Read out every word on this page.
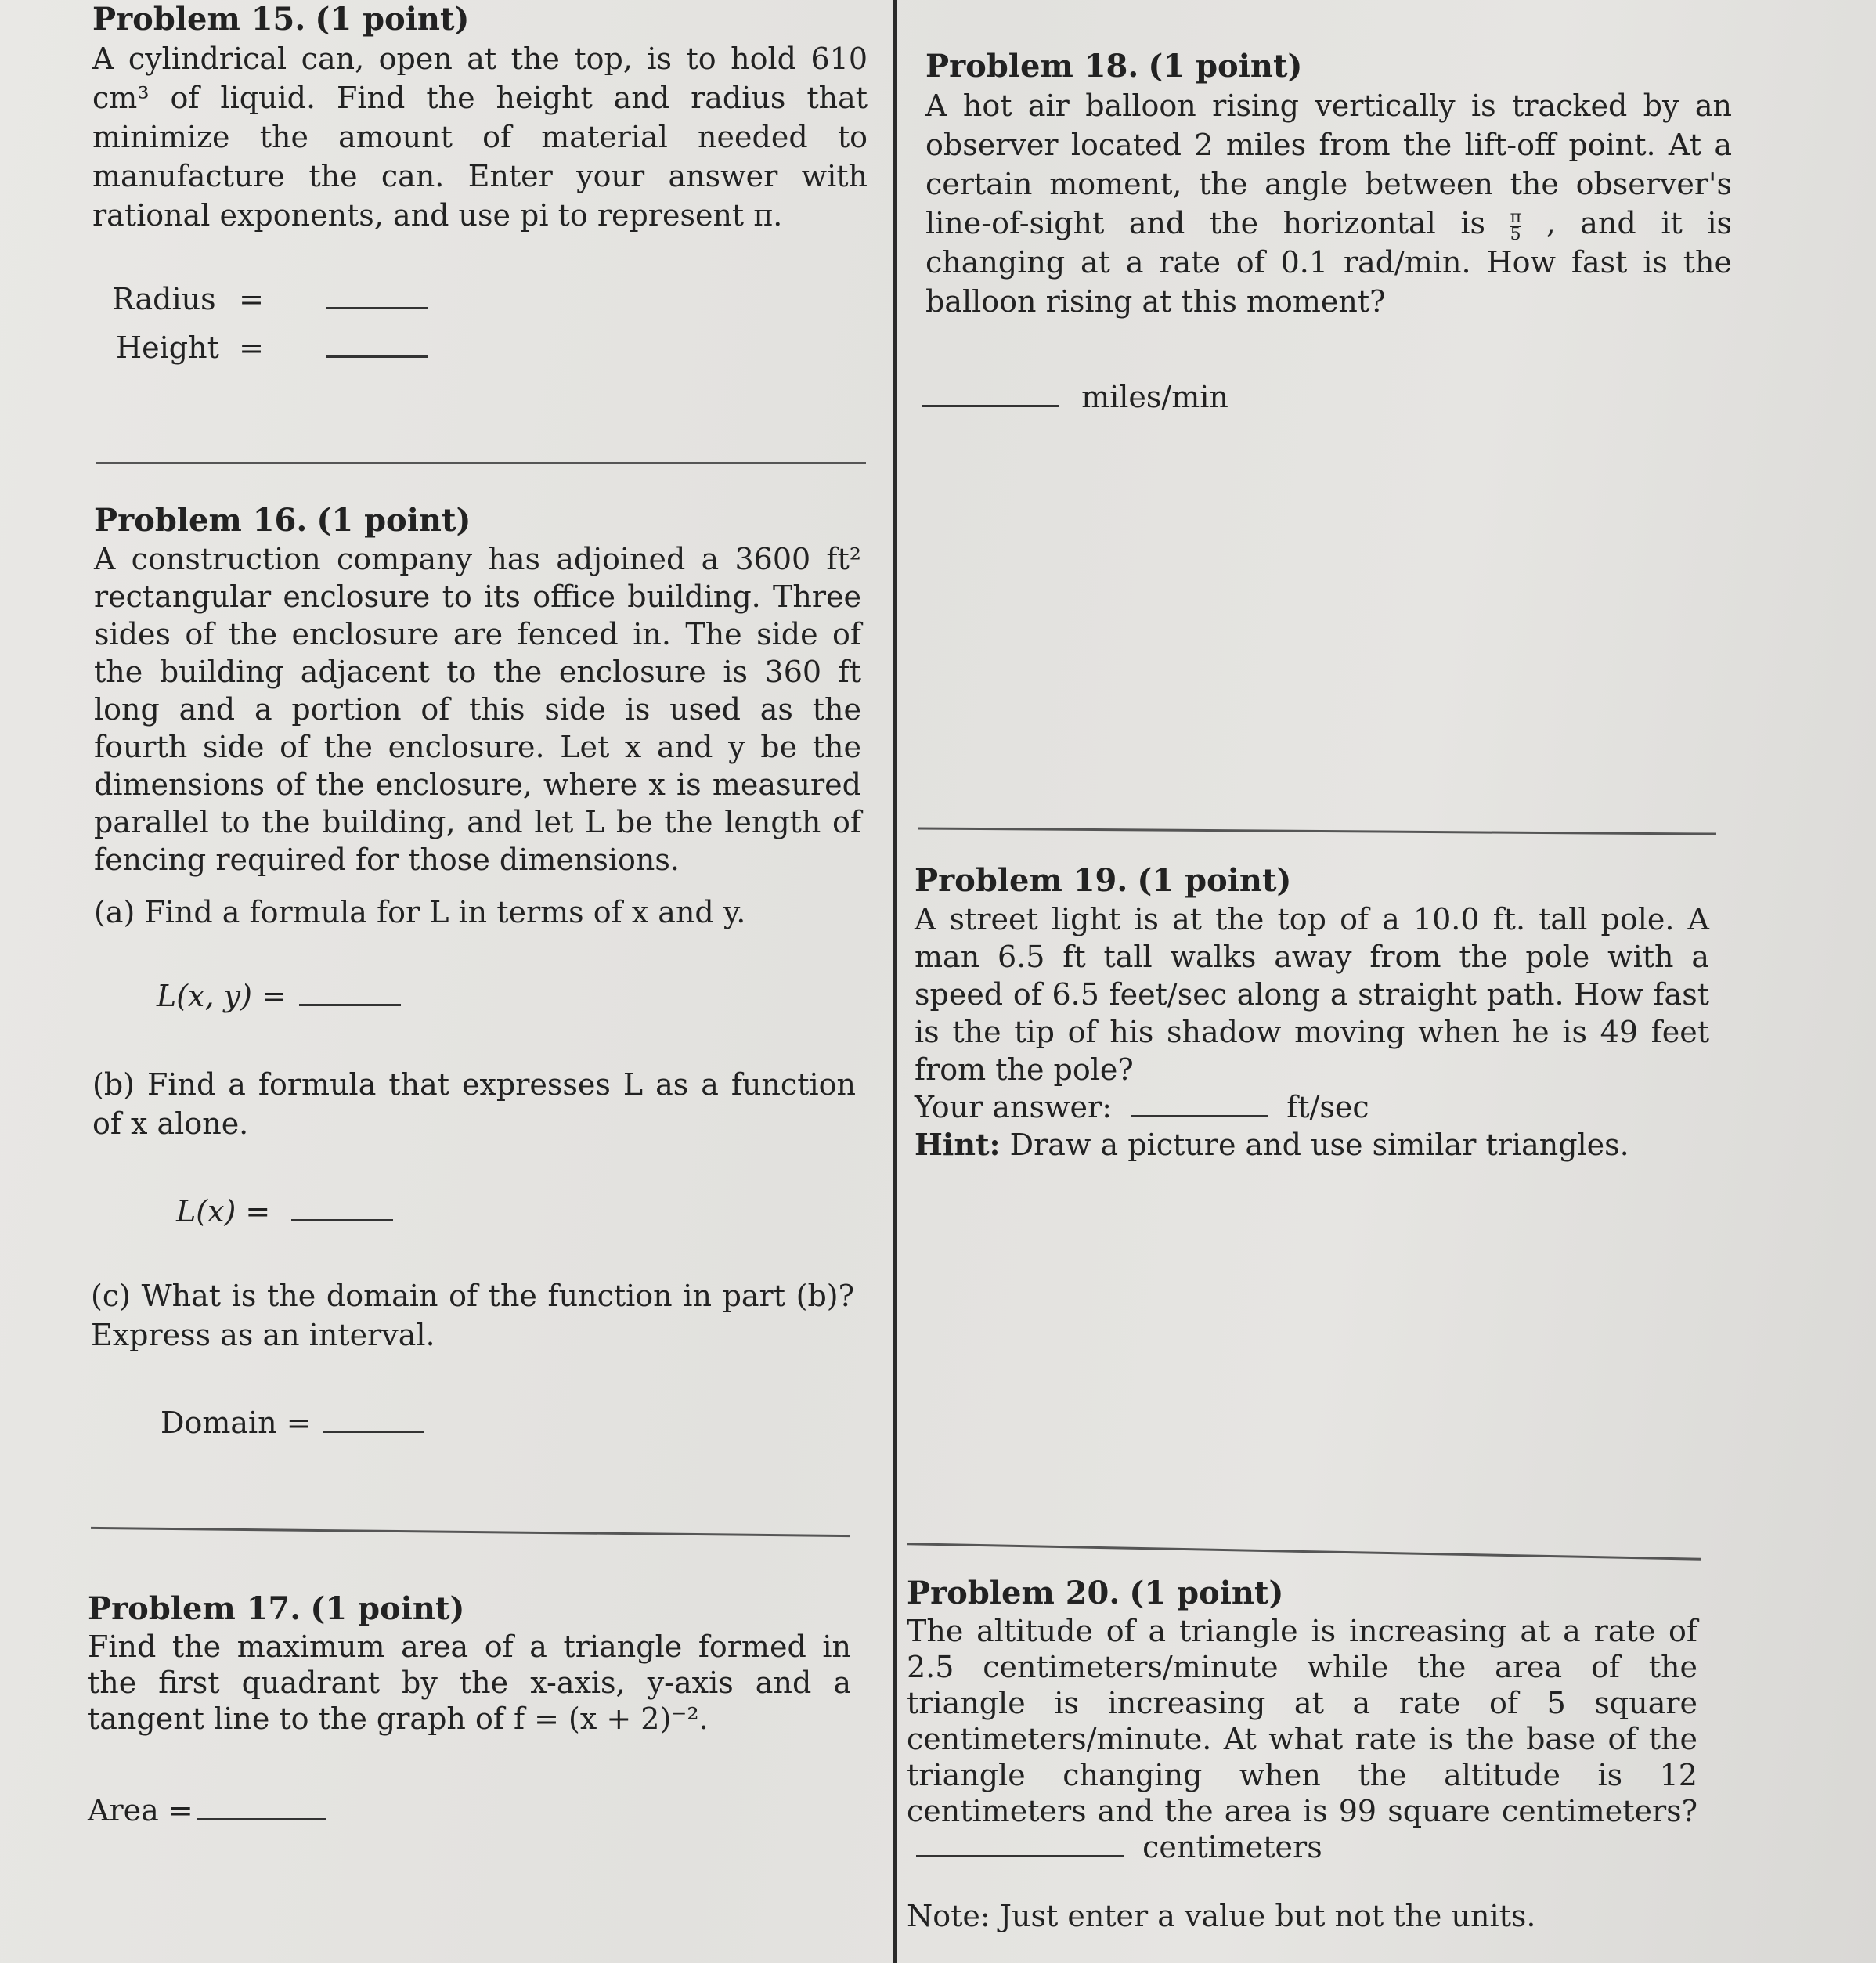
Problem 15. (1 point)

A cylindrical can, open at the top, is to hold 610 cm³ of liquid. Find the height and radius that minimize the amount of material needed to manufacture the can. Enter your answer with rational exponents, and use pi to represent π.

Radius =
Height =
Problem 16. (1 point)

A construction company has adjoined a 3600 ft² rectangular enclosure to its office building. Three sides of the enclosure are fenced in. The side of the building adjacent to the enclosure is 360 ft long and a portion of this side is used as the fourth side of the enclosure. Let x and y be the dimensions of the enclosure, where x is measured parallel to the building, and let L be the length of fencing required for those dimensions.

(a) Find a formula for L in terms of x and y.

L(x, y) =

(b) Find a formula that expresses L as a function of x alone.

L(x) =

(c) What is the domain of the function in part (b)? Express as an interval.

Domain =
Problem 17. (1 point)

Find the maximum area of a triangle formed in the first quadrant by the x-axis, y-axis and a tangent line to the graph of f = (x + 2)⁻².

Area =
Problem 18. (1 point)

A hot air balloon rising vertically is tracked by an observer located 2 miles from the lift-off point. At a certain moment, the angle between the observer's line-of-sight and the horizontal is $\frac{\pi}{5}$ , and it is changing at a rate of 0.1 rad/min. How fast is the balloon rising at this moment?

miles/min
Problem 19. (1 point)

A street light is at the top of a 10.0 ft. tall pole. A man 6.5 ft tall walks away from the pole with a speed of 6.5 feet/sec along a straight path. How fast is the tip of his shadow moving when he is 49 feet from the pole?

Your answer:	ft/sec
Hint: Draw a picture and use similar triangles.
Problem 20. (1 point)

The altitude of a triangle is increasing at a rate of 2.5 centimeters/minute while the area of the triangle is increasing at a rate of 5 square centimeters/minute. At what rate is the base of the triangle changing when the altitude is 12 centimeters and the area is 99 square centimeters?  centimeters

Note: Just enter a value but not the units.
